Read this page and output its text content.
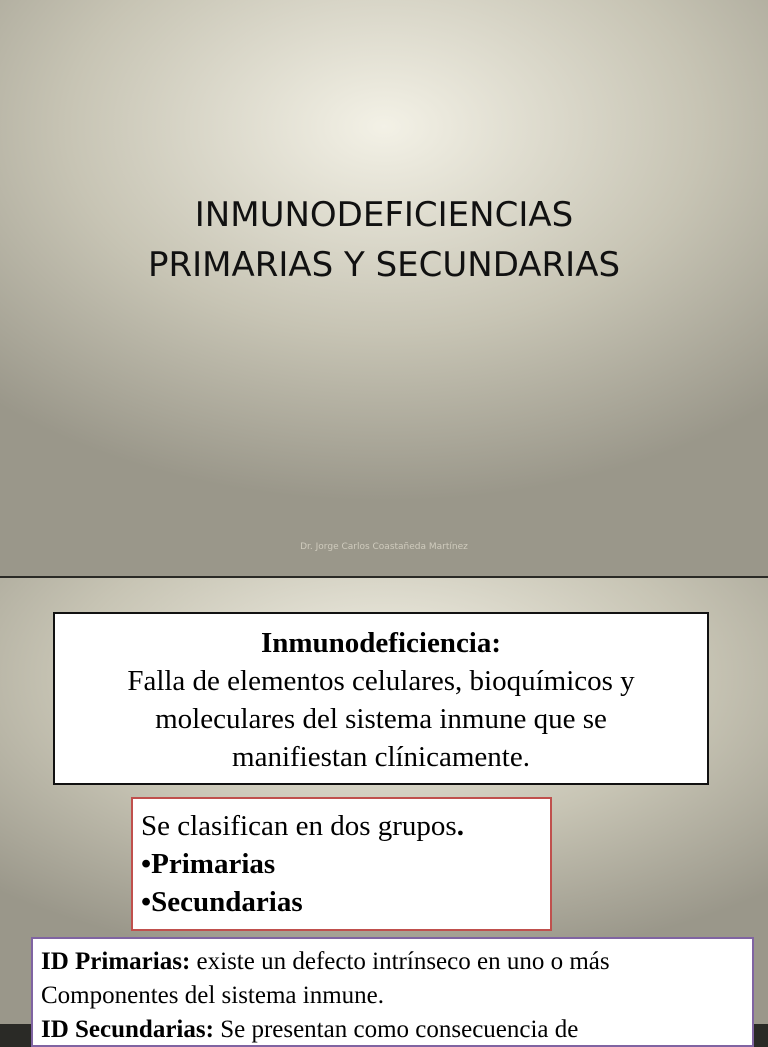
INMUNODEFICIENCIAS
PRIMARIAS Y SECUNDARIAS
Dr. Jorge Carlos Coastañeda Martínez
Inmunodeficiencia:
Falla de elementos celulares, bioquímicos y
moleculares del sistema inmune que se
manifiestan clínicamente.
Se clasifican en dos grupos.
•Primarias
•Secundarias
ID Primarias: existe un defecto intrínseco en uno o más
Componentes del sistema inmune.
ID Secundarias: Se presentan como consecuencia de
